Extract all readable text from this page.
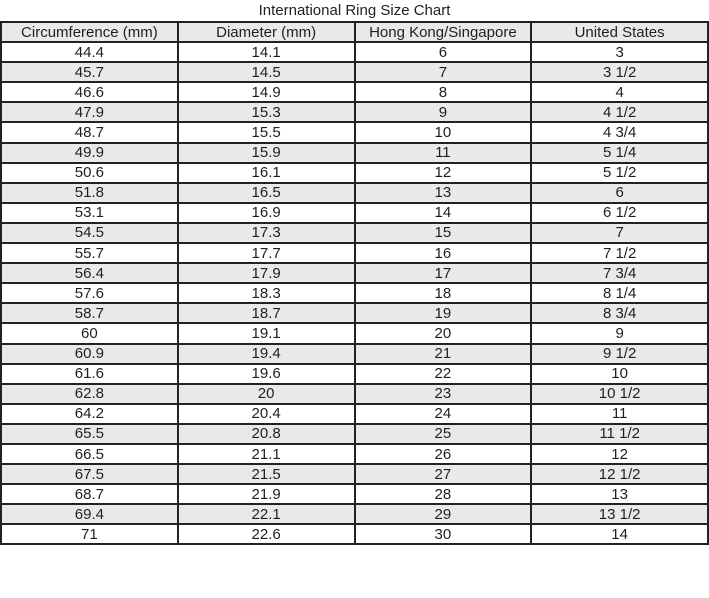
International Ring Size Chart
Circumference (mm)	Diameter (mm)	Hong Kong/Singapore	United States
44.4	14.1	6	3
45.7	14.5	7	3 1/2
46.6	14.9	8	4
47.9	15.3	9	4 1/2
48.7	15.5	10	4 3/4
49.9	15.9	11	5 1/4
50.6	16.1	12	5 1/2
51.8	16.5	13	6
53.1	16.9	14	6 1/2
54.5	17.3	15	7
55.7	17.7	16	7 1/2
56.4	17.9	17	7 3/4
57.6	18.3	18	8 1/4
58.7	18.7	19	8 3/4
60	19.1	20	9
60.9	19.4	21	9 1/2
61.6	19.6	22	10
62.8	20	23	10 1/2
64.2	20.4	24	11
65.5	20.8	25	11 1/2
66.5	21.1	26	12
67.5	21.5	27	12 1/2
68.7	21.9	28	13
69.4	22.1	29	13 1/2
71	22.6	30	14
